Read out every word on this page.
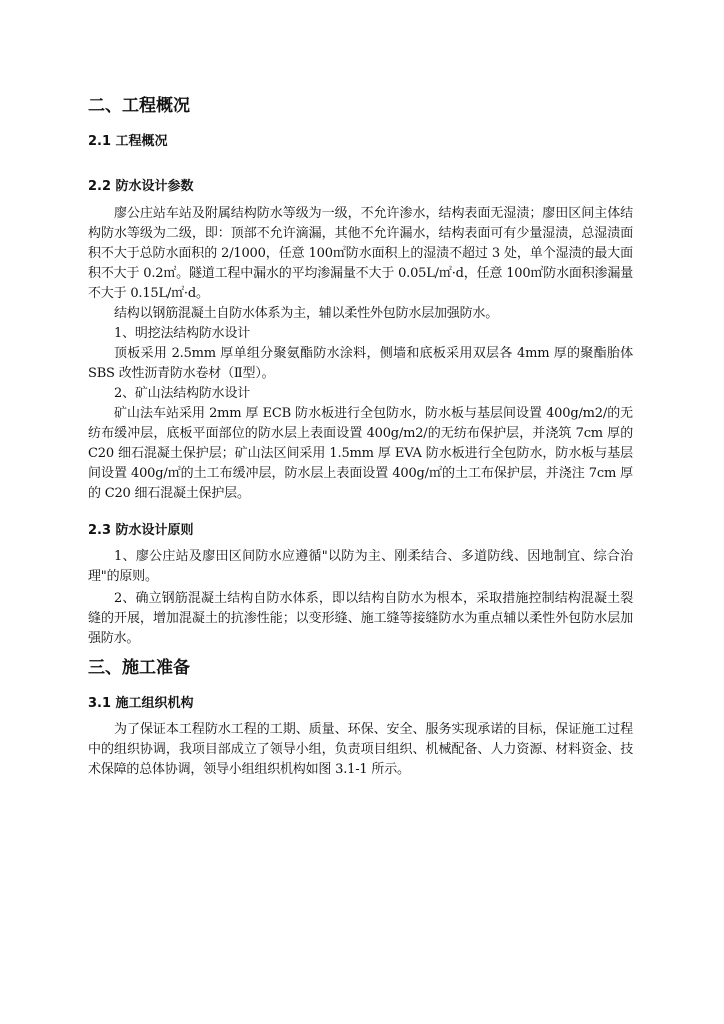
二、工程概况
2.1 工程概况
2.2 防水设计参数

廖公庄站车站及附属结构防水等级为一级，不允许渗水，结构表面无湿渍；廖田区间主体结构防水等级为二级，即：顶部不允许滴漏，其他不允许漏水，结构表面可有少量湿渍，总湿渍面积不大于总防水面积的 2/1000，任意 100㎡防水面积上的湿渍不超过 3 处，单个湿渍的最大面积不大于 0.2㎡。隧道工程中漏水的平均渗漏量不大于 0.05L/㎡·d，任意 100㎡防水面积渗漏量不大于 0.15L/㎡·d。

结构以钢筋混凝土自防水体系为主，辅以柔性外包防水层加强防水。

1、明挖法结构防水设计

顶板采用 2.5mm 厚单组分聚氨酯防水涂料，侧墙和底板采用双层各 4mm 厚的聚酯胎体 SBS 改性沥青防水卷材（Ⅱ型）。

2、矿山法结构防水设计

矿山法车站采用 2mm 厚 ECB 防水板进行全包防水，防水板与基层间设置 400g/m2/的无纺布缓冲层，底板平面部位的防水层上表面设置 400g/m2/的无纺布保护层，并浇筑 7cm 厚的 C20 细石混凝土保护层；矿山法区间采用 1.5mm 厚 EVA 防水板进行全包防水，防水板与基层间设置 400g/㎡的土工布缓冲层，防水层上表面设置 400g/㎡的土工布保护层，并浇注 7cm 厚的 C20 细石混凝土保护层。

2.3 防水设计原则

1、廖公庄站及廖田区间防水应遵循"以防为主、刚柔结合、多道防线、因地制宜、综合治理"的原则。

2、确立钢筋混凝土结构自防水体系，即以结构自防水为根本，采取措施控制结构混凝土裂缝的开展，增加混凝土的抗渗性能；以变形缝、施工缝等接缝防水为重点辅以柔性外包防水层加强防水。

三、施工准备
3.1 施工组织机构

为了保证本工程防水工程的工期、质量、环保、安全、服务实现承诺的目标，保证施工过程中的组织协调，我项目部成立了领导小组，负责项目组织、机械配备、人力资源、材料资金、技术保障的总体协调，领导小组组织机构如图 3.1-1 所示。
